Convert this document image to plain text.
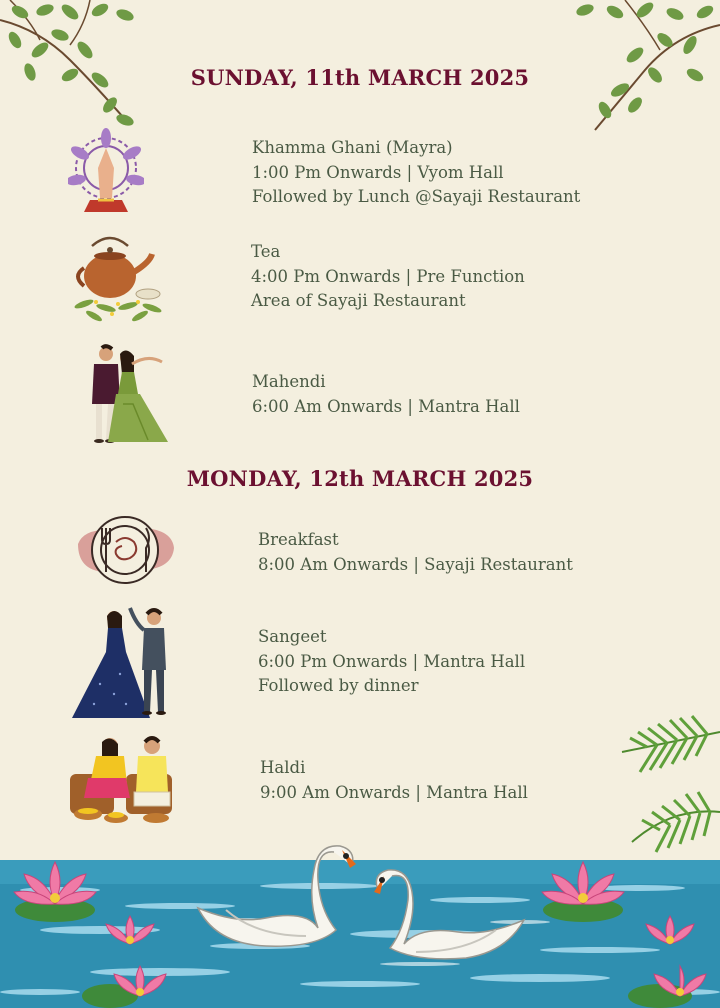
SUNDAY, 11th MARCH 2025
Khamma Ghani (Mayra)
1:00 Pm Onwards | Vyom Hall
Followed by Lunch @Sayaji Restaurant
Tea
4:00 Pm Onwards | Pre Function
Area of Sayaji Restaurant
Mahendi
6:00 Am Onwards | Mantra Hall
MONDAY, 12th MARCH 2025
Breakfast
8:00 Am Onwards | Sayaji Restaurant
Sangeet
6:00 Pm Onwards | Mantra Hall
Followed by dinner
Haldi
9:00 Am Onwards | Mantra Hall
